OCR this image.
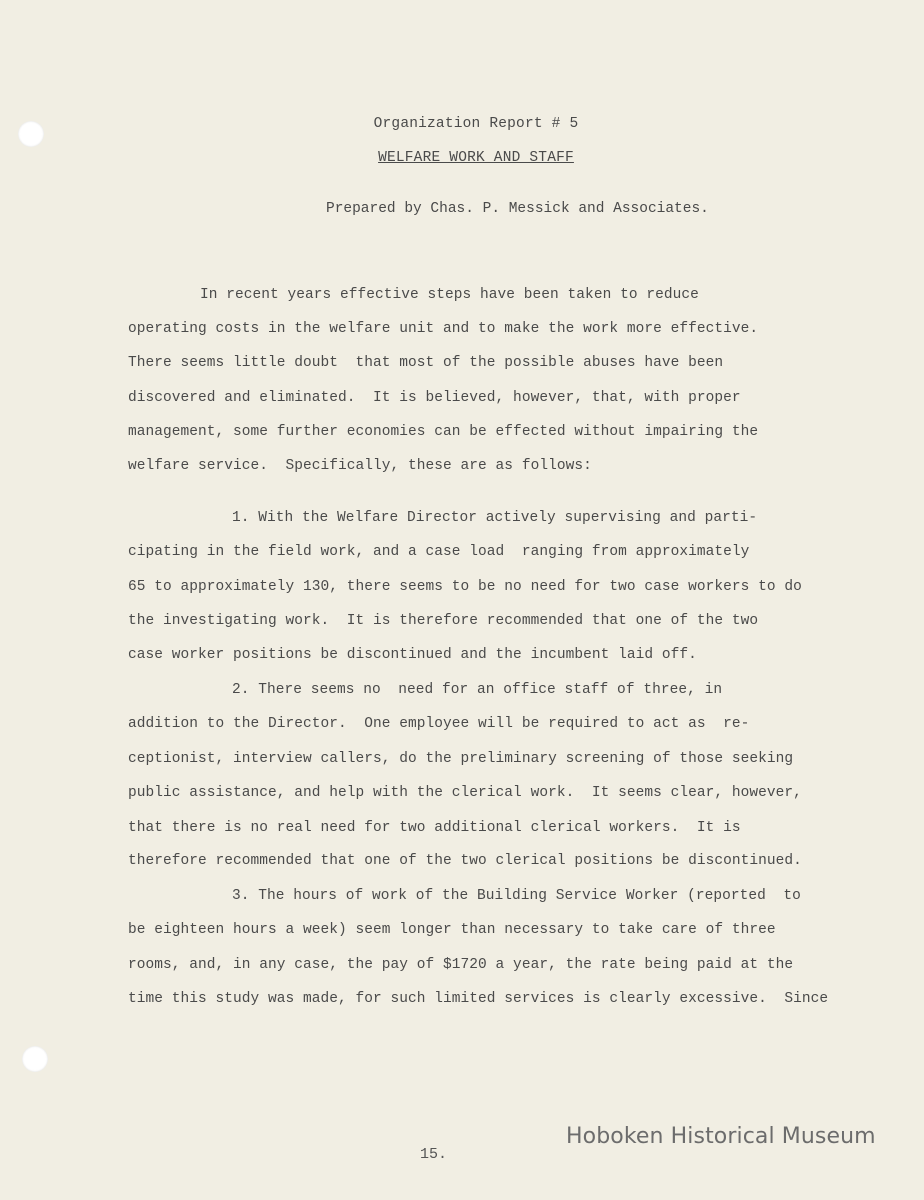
Organization Report # 5
WELFARE WORK AND STAFF
Prepared by Chas. P. Messick and Associates.
In recent years effective steps have been taken to reduce
operating costs in the welfare unit and to make the work more effective.
There seems little doubt  that most of the possible abuses have been
discovered and eliminated.  It is believed, however, that, with proper
management, some further economies can be effected without impairing the
welfare service.  Specifically, these are as follows:
1. With the Welfare Director actively supervising and parti-
cipating in the field work, and a case load  ranging from approximately
65 to approximately 130, there seems to be no need for two case workers to do
the investigating work.  It is therefore recommended that one of the two
case worker positions be discontinued and the incumbent laid off.
2. There seems no  need for an office staff of three, in
addition to the Director.  One employee will be required to act as  re-
ceptionist, interview callers, do the preliminary screening of those seeking
public assistance, and help with the clerical work.  It seems clear, however,
that there is no real need for two additional clerical workers.  It is
therefore recommended that one of the two clerical positions be discontinued.
3. The hours of work of the Building Service Worker (reported  to
be eighteen hours a week) seem longer than necessary to take care of three
rooms, and, in any case, the pay of $1720 a year, the rate being paid at the
time this study was made, for such limited services is clearly excessive.  Since
15.
Hoboken Historical Museum
